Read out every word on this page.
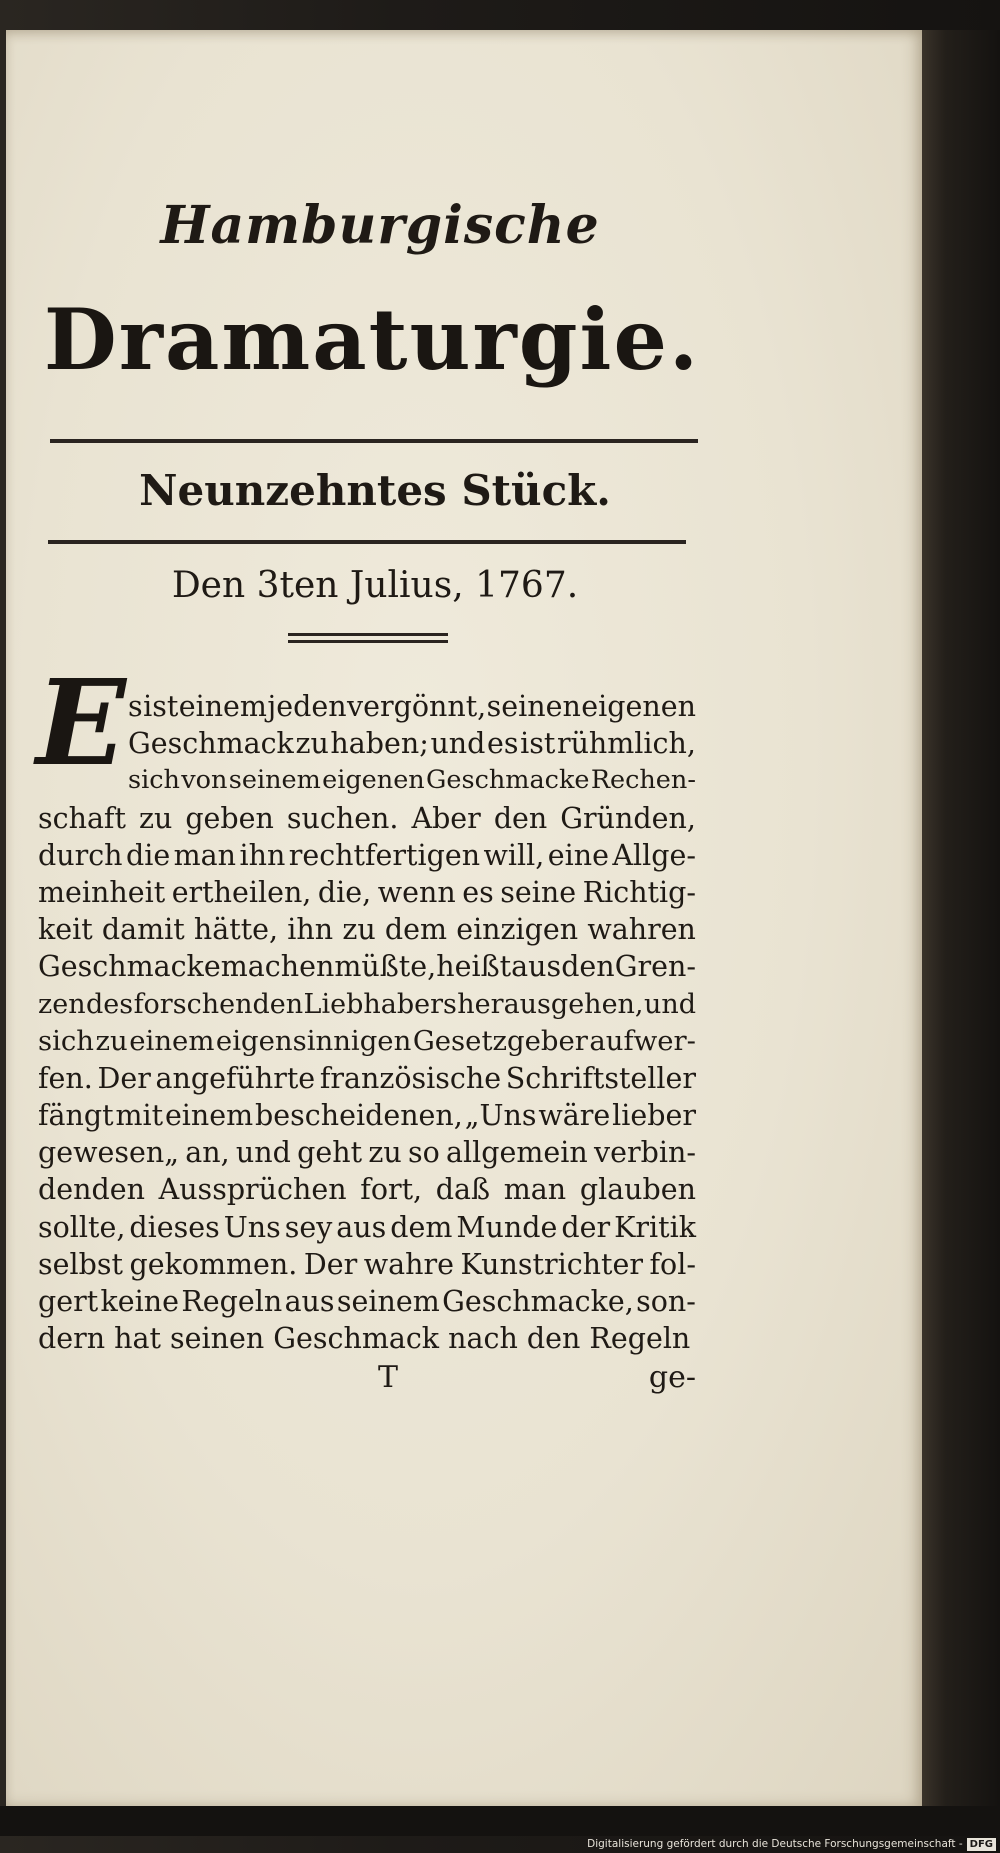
Hamburgische
Dramaturgie.
Neunzehntes Stück.
Den 3ten Julius, 1767.
E s ist einem jeden vergönnt, seinen eigenen
Geschmack zu haben; und es ist rühmlich,
sich von seinem eigenen Geschmacke Rechen-
schaft zu geben suchen. Aber den Gründen,
durch die man ihn rechtfertigen will, eine Allge-
meinheit ertheilen, die, wenn es seine Richtig-
keit damit hätte, ihn zu dem einzigen wahren
Geschmacke machen müßte, heißt aus den Gren-
zen des forschenden Liebhabers herausgehen, und
sich zu einem eigensinnigen Gesetzgeber aufwer-
fen. Der angeführte französische Schriftsteller
fängt mit einem bescheidenen, „Uns wäre lieber
gewesen„ an, und geht zu so allgemein verbin-
denden Aussprüchen fort, daß man glauben
sollte, dieses Uns sey aus dem Munde der Kritik
selbst gekommen. Der wahre Kunstrichter fol-
gert keine Regeln aus seinem Geschmacke, son-
dern hat seinen Geschmack nach den Regeln
T	ge-
Digitalisierung gefördert durch die Deutsche Forschungsgemeinschaft - DFG
